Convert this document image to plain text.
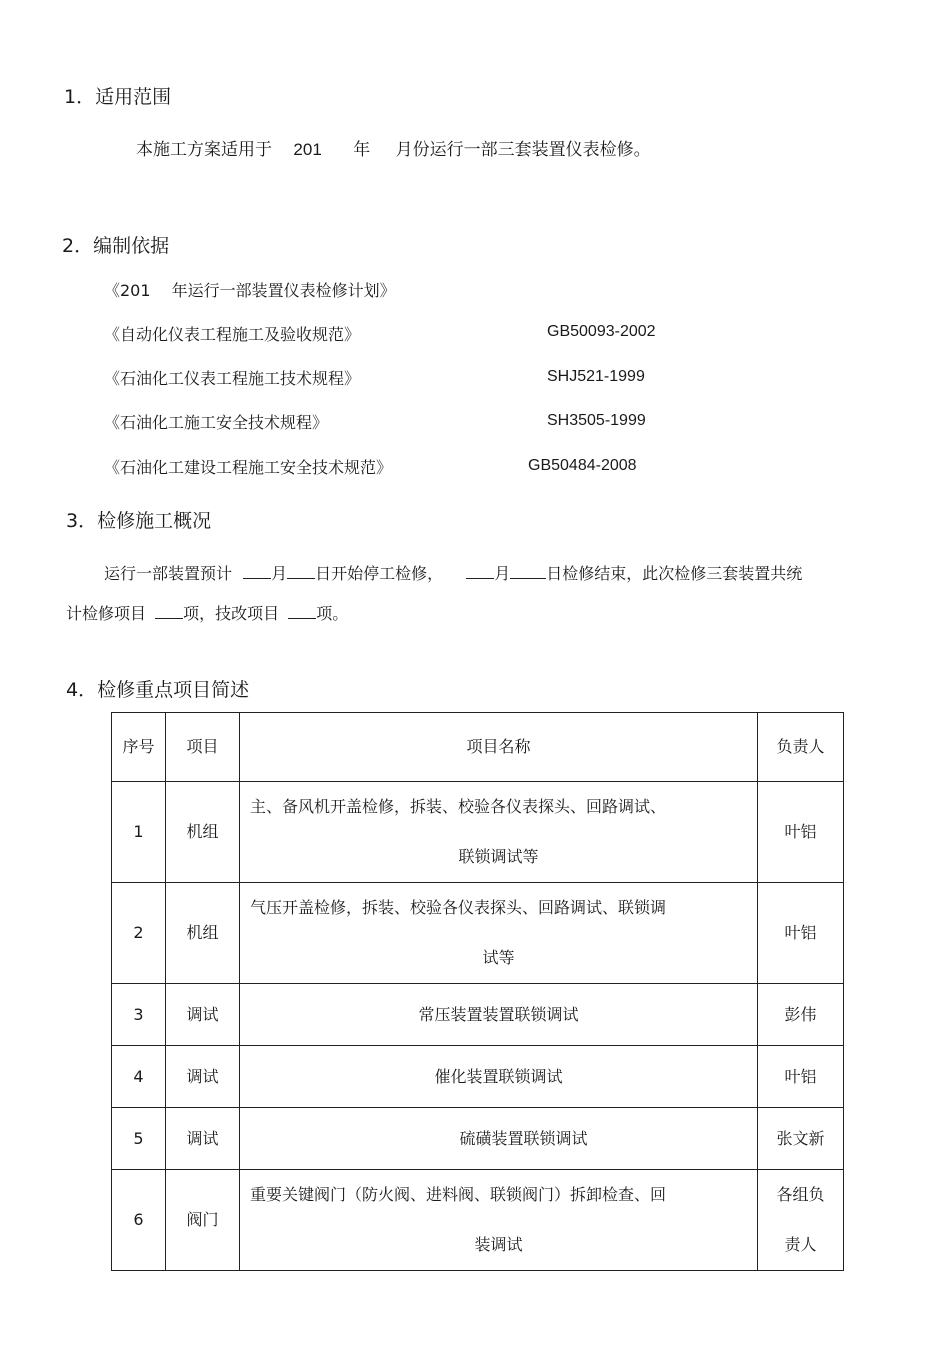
1．适用范围
本施工方案适用于 201 年 月份运行一部三套装置仪表检修。
2．编制依据
《201　 年运行一部装置仪表检修计划》
《自动化仪表工程施工及验收规范》	GB50093-2002
《石油化工仪表工程施工技术规程》	SHJ521-1999
《石油化工施工安全技术规程》	SH3505-1999
《石油化工建设工程施工安全技术规范》	GB50484-2008
3．检修施工概况
运行一部装置预计 月 日开始停工检修，	月 日检修结束，此次检修三套装置共统
计检修项目 项，技改项目 项。
4．检修重点项目简述
序号	项目	项目名称	负责人
1	机组	主、备风机开盖检修，拆装、校验各仪表探头、回路调试、
联锁调试等	叶铝
2	机组	气压开盖检修，拆装、校验各仪表探头、回路调试、联锁调
试等	叶铝
3	调试	常压装置装置联锁调试	彭伟
4	调试	催化装置联锁调试	叶铝
5	调试	硫磺装置联锁调试	张文新
6	阀门	重要关键阀门（防火阀、进料阀、联锁阀门）拆卸检查、回
装调试	各组负
责人
